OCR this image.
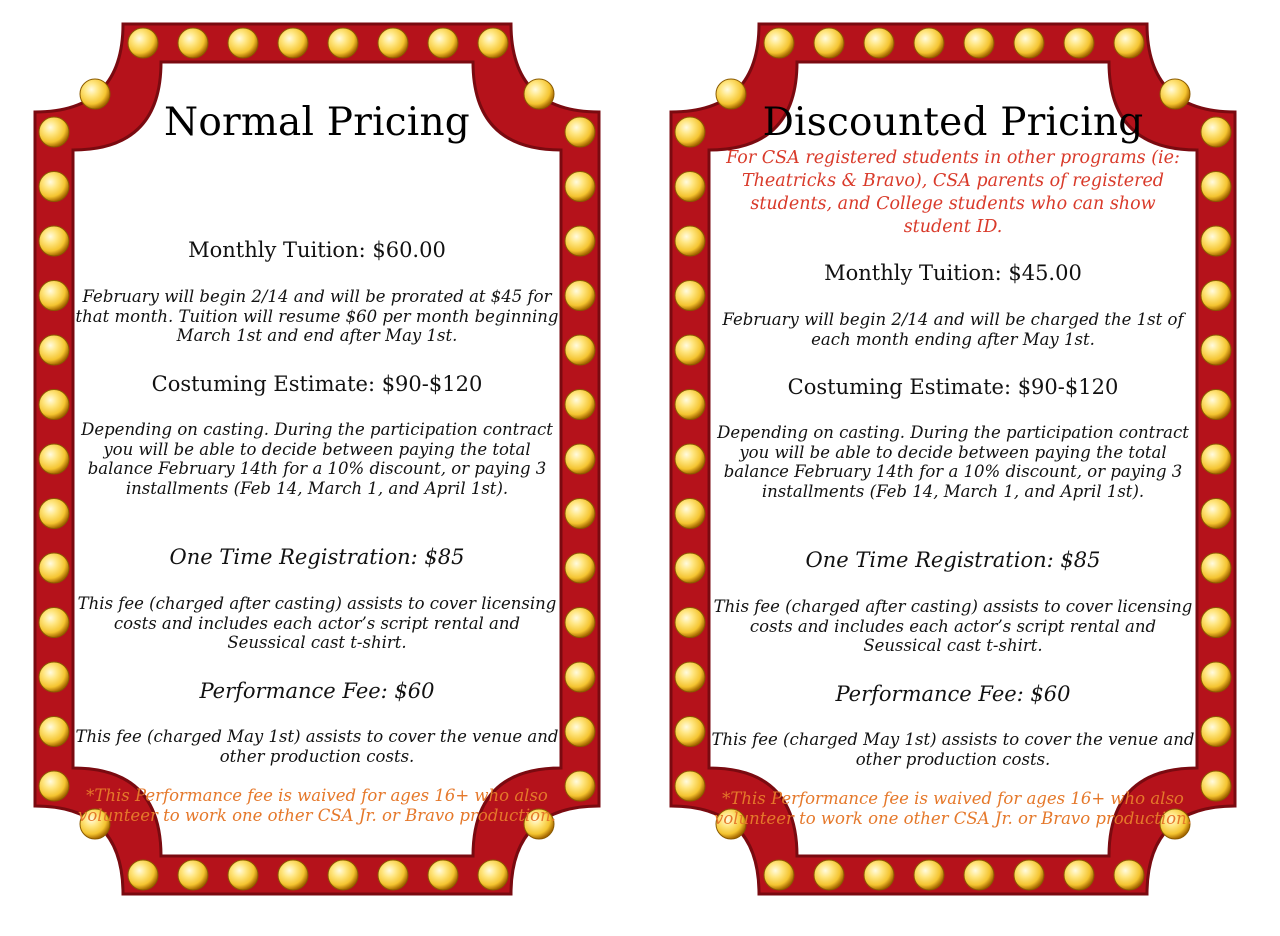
Normal Pricing
Monthly Tuition: $60.00
February will begin 2/14 and will be prorated at $45 for that month. Tuition will resume $60 per month beginning March 1st and end after May 1st.
Costuming Estimate: $90-$120
Depending on casting. During the participation contract you will be able to decide between paying the total balance February 14th for a 10% discount, or paying 3 installments (Feb 14, March 1, and April 1st).
One Time Registration: $85
This fee (charged after casting) assists to cover licensing costs and includes each actor’s script rental and Seussical cast t-shirt.
Performance Fee: $60
This fee (charged May 1st) assists to cover the venue and other production costs.
*This Performance fee is waived for ages 16+ who also volunteer to work one other CSA Jr. or Bravo production.
Discounted Pricing
For CSA registered students in other programs (ie: Theatricks & Bravo), CSA parents of registered students, and College students who can show student ID.
Monthly Tuition: $45.00
February will begin 2/14 and will be charged the 1st of each month ending after May 1st.
Costuming Estimate: $90-$120
Depending on casting. During the participation contract you will be able to decide between paying the total balance February 14th for a 10% discount, or paying 3 installments (Feb 14, March 1, and April 1st).
One Time Registration: $85
This fee (charged after casting) assists to cover licensing costs and includes each actor’s script rental and Seussical cast t-shirt.
Performance Fee: $60
This fee (charged May 1st) assists to cover the venue and other production costs.
*This Performance fee is waived for ages 16+ who also volunteer to work one other CSA Jr. or Bravo production.
